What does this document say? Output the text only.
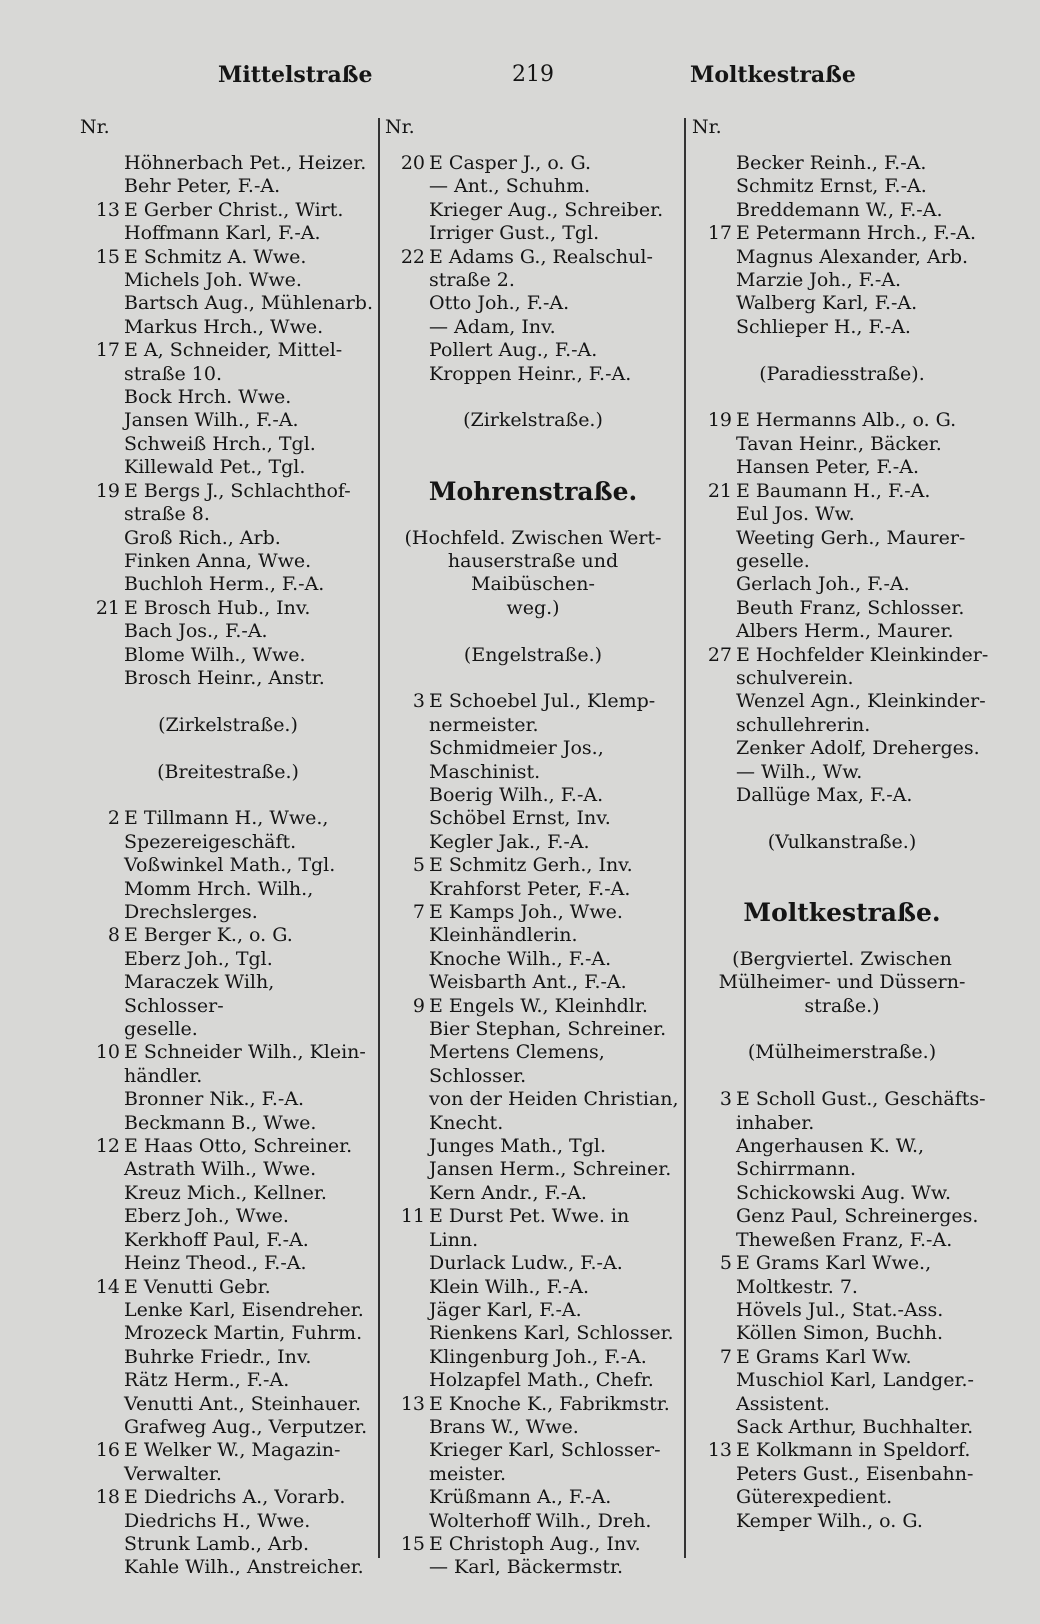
Mittelstraße	219	Moltkestraße
Nr.
Höhnerbach Pet., Heizer.
Behr Peter, F.-A.
13 E Gerber Christ., Wirt.
Hoffmann Karl, F.-A.
15 E Schmitz A. Wwe.
Michels Joh. Wwe.
Bartsch Aug., Mühlenarb.
Markus Hrch., Wwe.
17 E A, Schneider, Mittel-
straße 10.
Bock Hrch. Wwe.
Jansen Wilh., F.-A.
Schweiß Hrch., Tgl.
Killewald Pet., Tgl.
19 E Bergs J., Schlachthof-
straße 8.
Groß Rich., Arb.
Finken Anna, Wwe.
Buchloh Herm., F.-A.
21 E Brosch Hub., Inv.
Bach Jos., F.-A.
Blome Wilh., Wwe.
Brosch Heinr., Anstr.

(Zirkelstraße.)

(Breitestraße.)

2 E Tillmann H., Wwe.,
Spezereigeschäft.
Voßwinkel Math., Tgl.
Momm Hrch. Wilh.,
Drechslerges.
8 E Berger K., o. G.
Eberz Joh., Tgl.
Maraczek Wilh, Schlosser-
geselle.
10 E Schneider Wilh., Klein-
händler.
Bronner Nik., F.-A.
Beckmann B., Wwe.
12 E Haas Otto, Schreiner.
Astrath Wilh., Wwe.
Kreuz Mich., Kellner.
Eberz Joh., Wwe.
Kerkhoff Paul, F.-A.
Heinz Theod., F.-A.
14 E Venutti Gebr.
Lenke Karl, Eisendreher.
Mrozeck Martin, Fuhrm.
Buhrke Friedr., Inv.
Rätz Herm., F.-A.
Venutti Ant., Steinhauer.
Grafweg Aug., Verputzer.
16 E Welker W., Magazin-
Verwalter.
18 E Diedrichs A., Vorarb.
Diedrichs H., Wwe.
Strunk Lamb., Arb.
Kahle Wilh., Anstreicher.
Nr.
20 E Casper J., o. G.
— Ant., Schuhm.
Krieger Aug., Schreiber.
Irriger Gust., Tgl.
22 E Adams G., Realschul-
straße 2.
Otto Joh., F.-A.
— Adam, Inv.
Pollert Aug., F.-A.
Kroppen Heinr., F.-A.

(Zirkelstraße.)

Mohrenstraße.

(Hochfeld. Zwischen Wert-
hauserstraße und Maibüschen-
weg.)

(Engelstraße.)

3 E Schoebel Jul., Klemp-
nermeister.
Schmidmeier Jos.,
Maschinist.
Boerig Wilh., F.-A.
Schöbel Ernst, Inv.
Kegler Jak., F.-A.
5 E Schmitz Gerh., Inv.
Krahforst Peter, F.-A.
7 E Kamps Joh., Wwe.
Kleinhändlerin.
Knoche Wilh., F.-A.
Weisbarth Ant., F.-A.
9 E Engels W., Kleinhdlr.
Bier Stephan, Schreiner.
Mertens Clemens,
Schlosser.
von der Heiden Christian,
Knecht.
Junges Math., Tgl.
Jansen Herm., Schreiner.
Kern Andr., F.-A.
11 E Durst Pet. Wwe. in
Linn.
Durlack Ludw., F.-A.
Klein Wilh., F.-A.
Jäger Karl, F.-A.
Rienkens Karl, Schlosser.
Klingenburg Joh., F.-A.
Holzapfel Math., Chefr.
13 E Knoche K., Fabrikmstr.
Brans W., Wwe.
Krieger Karl, Schlosser-
meister.
Krüßmann A., F.-A.
Wolterhoff Wilh., Dreh.
15 E Christoph Aug., Inv.
— Karl, Bäckermstr.
Nr.
Becker Reinh., F.-A.
Schmitz Ernst, F.-A.
Breddemann W., F.-A.
17 E Petermann Hrch., F.-A.
Magnus Alexander, Arb.
Marzie Joh., F.-A.
Walberg Karl, F.-A.
Schlieper H., F.-A.

(Paradiesstraße).

19 E Hermanns Alb., o. G.
Tavan Heinr., Bäcker.
Hansen Peter, F.-A.
21 E Baumann H., F.-A.
Eul Jos. Ww.
Weeting Gerh., Maurer-
geselle.
Gerlach Joh., F.-A.
Beuth Franz, Schlosser.
Albers Herm., Maurer.
27 E Hochfelder Kleinkinder-
schulverein.
Wenzel Agn., Kleinkinder-
schullehrerin.
Zenker Adolf, Dreherges.
— Wilh., Ww.
Dallüge Max, F.-A.

(Vulkanstraße.)

Moltkestraße.

(Bergviertel. Zwischen
Mülheimer- und Düssern-
straße.)

(Mülheimerstraße.)

3 E Scholl Gust., Geschäfts-
inhaber.
Angerhausen K. W.,
Schirrmann.
Schickowski Aug. Ww.
Genz Paul, Schreinerges.
Thewеßen Franz, F.-A.
5 E Grams Karl Wwe.,
Moltkestr. 7.
Hövels Jul., Stat.-Ass.
Köllen Simon, Buchh.
7 E Grams Karl Ww.
Muschiol Karl, Landger.-
Assistent.
Sack Arthur, Buchhalter.
13 E Kolkmann in Speldorf.
Peters Gust., Eisenbahn-
Güterexpedient.
Kemper Wilh., o. G.
